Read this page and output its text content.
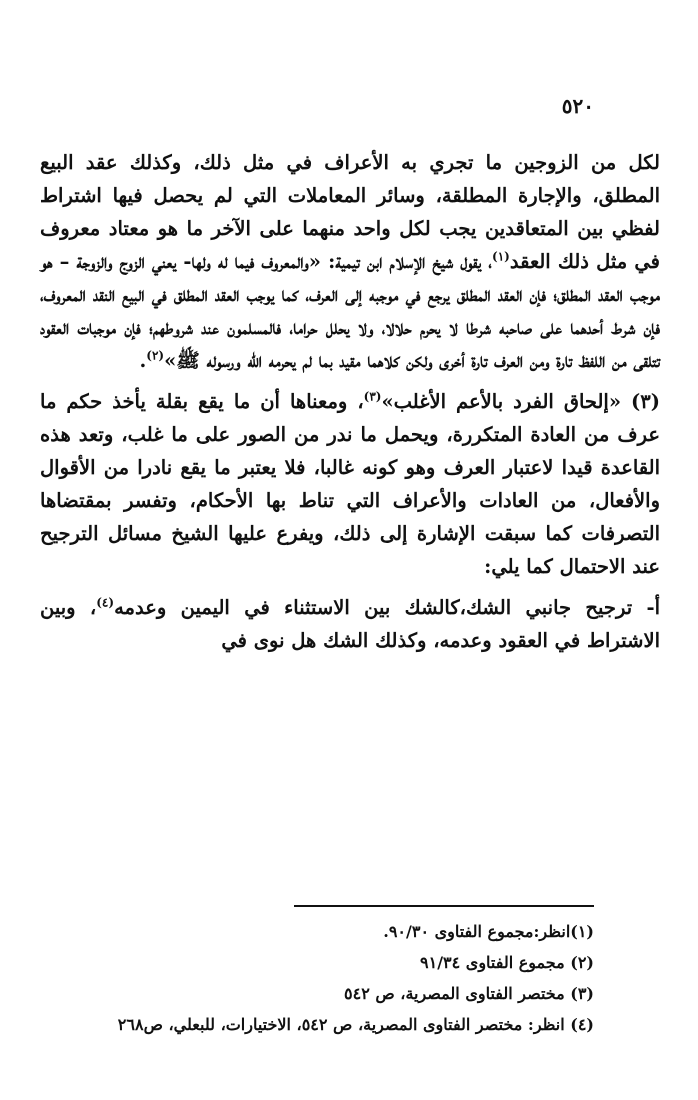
٥٢٠

لكل من الزوجين ما تجري به الأعراف في مثل ذلك، وكذلك عقد البيع المطلق، والإجارة المطلقة، وسائر المعاملات التي لم يحصل فيها اشتراط لفظي بين المتعاقدين يجب لكل واحد منهما على الآخر ما هو معتاد معروف في مثل ذلك العقد$^{(١)}$، يقول شيخ الإسلام ابن تيمية: «والمعروف فيما له ولها- يعني الزوج والزوجة – هو موجب العقد المطلق؛ فإن العقد المطلق يرجع في موجبه إلى العرف، كما يوجب العقد المطلق في البيع النقد المعروف، فإن شرط أحدهما على صاحبه شرطا لا يحرم حلالا، ولا يحلل حراما، فالمسلمون عند شروطهم؛ فإن موجبات العقود تتلقى من اللفظ تارة ومن العرف تارة أخرى ولكن كلاهما مقيد بما لم يحرمه الله ورسوله ﷺ»$^{(٢)}$.

(٣) «إلحاق الفرد بالأعم الأغلب»$^{(٣)}$، ومعناها أن ما يقع بقلة يأخذ حكم ما عرف من العادة المتكررة، ويحمل ما ندر من الصور على ما غلب، وتعد هذه القاعدة قيدا لاعتبار العرف وهو كونه غالبا، فلا يعتبر ما يقع نادرا من الأقوال والأفعال، من العادات والأعراف التي تناط بها الأحكام، وتفسر بمقتضاها التصرفات كما سبقت الإشارة إلى ذلك، ويفرع عليها الشيخ مسائل الترجيح عند الاحتمال كما يلي:

أ- ترجيح جانبي الشك،كالشك بين الاستثناء في اليمين وعدمه$^{(٤)}$، وبين الاشتراط في العقود وعدمه، وكذلك الشك هل نوى في

(١)انظر:مجموع الفتاوى ٩٠/٣٠.
(٢) مجموع الفتاوى ٩١/٣٤
(٣) مختصر الفتاوى المصرية، ص ٥٤٢
(٤) انظر: مختصر الفتاوى المصرية، ص ٥٤٢، الاختيارات، للبعلي، ص٢٦٨
